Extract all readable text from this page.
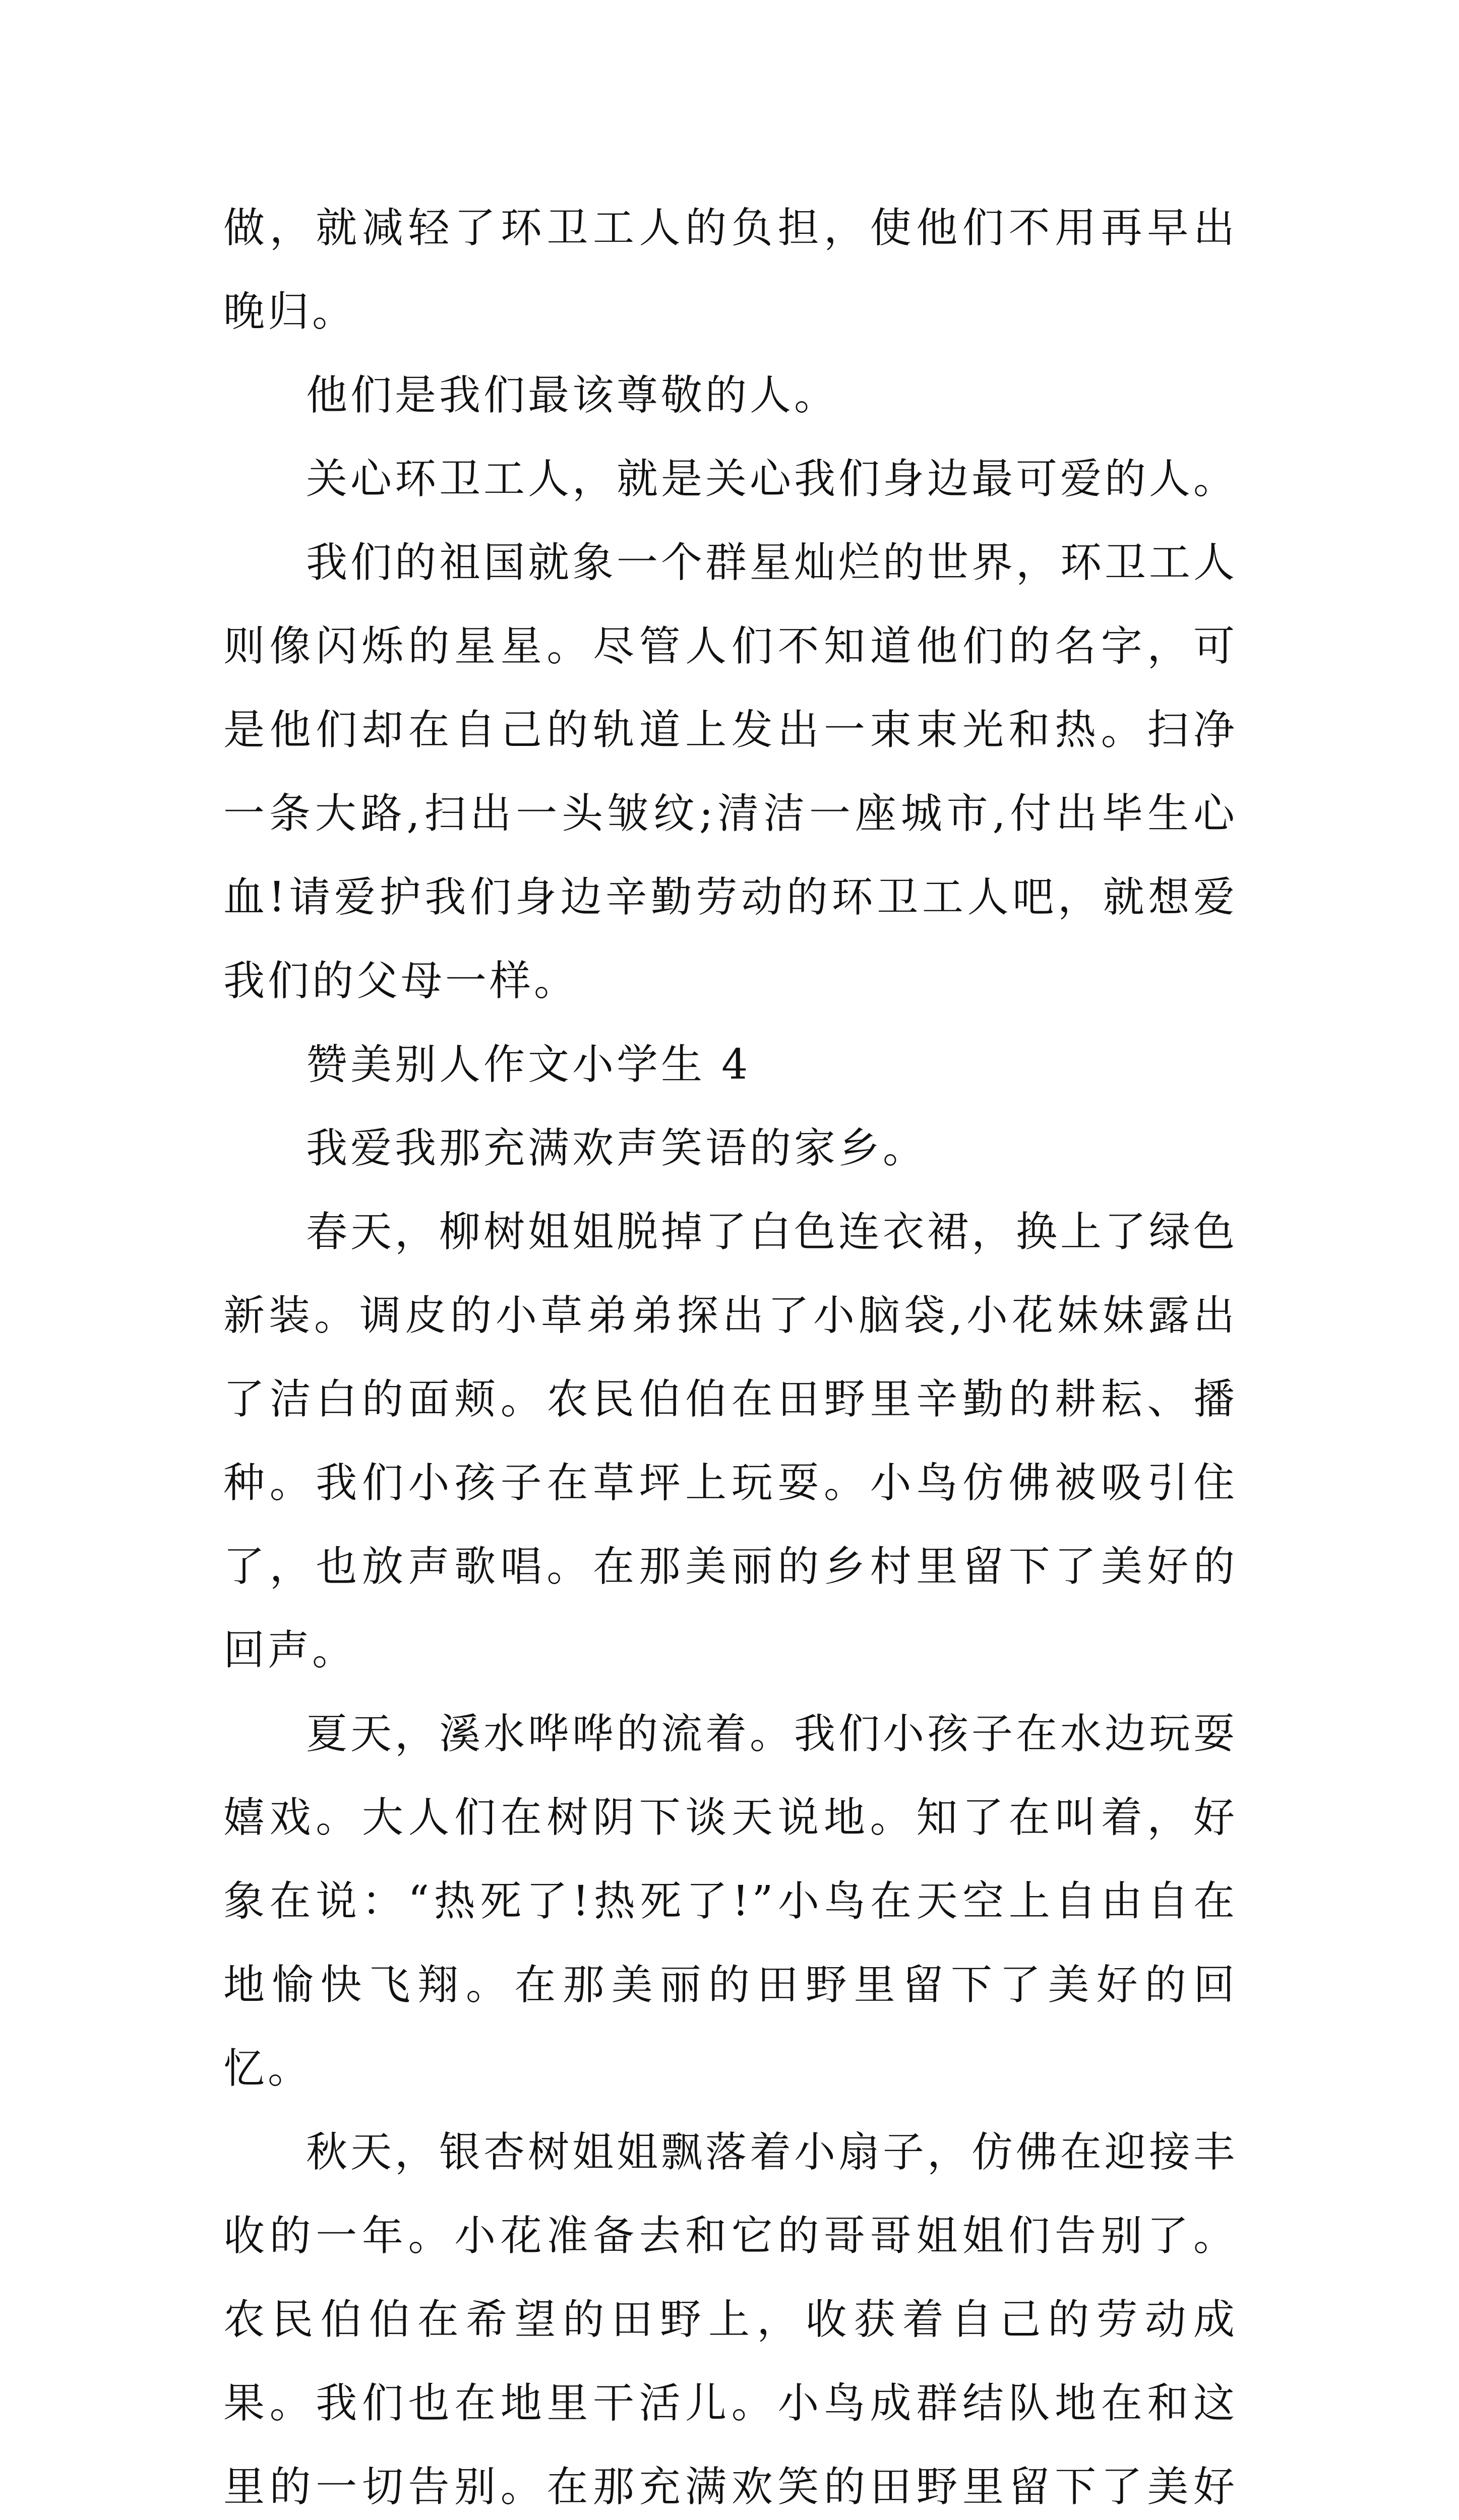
做，就减轻了环卫工人的负担，使他们不用再早出晚归。

他们是我们最该尊敬的人。

关心环卫工人，就是关心我们身边最可爱的人。

我们的祖国就象一个群星灿烂的世界，环卫工人则像闪烁的星星。尽管人们不知道他们的名字，可是他们却在自己的轨道上发出一束束光和热。扫净一条大路,扫出一头皱纹;清洁一座城市,付出毕生心血!请爱护我们身边辛勤劳动的环卫工人吧，就想爱我们的父母一样。

赞美别人作文小学生 4

我爱我那充满欢声笑语的家乡。

春天，柳树姐姐脱掉了白色连衣裙，换上了绿色新装。调皮的小草弟弟探出了小脑袋,小花妹妹露出了洁白的面颊。农民伯伯在田野里辛勤的耕耘、播种。我们小孩子在草坪上玩耍。小鸟仿佛被吸引住了，也放声歌唱。在那美丽的乡村里留下了美好的回声。

夏天，溪水哗哗的流着。我们小孩子在水边玩耍嬉戏。大人们在树阴下谈天说地。知了在叫着，好象在说：“热死了!热死了!”小鸟在天空上自由自在地愉快飞翔。在那美丽的田野里留下了美好的回忆。

秋天，银杏树姐姐飘落着小扇子，仿佛在迎接丰收的一年。小花准备去和它的哥哥姐姐们告别了。农民伯伯在希望的田野上，收获着自己的劳动成果。我们也在地里干活儿。小鸟成群结队地在和这里的一切告别。在那充满欢笑的田野里留下了美好
